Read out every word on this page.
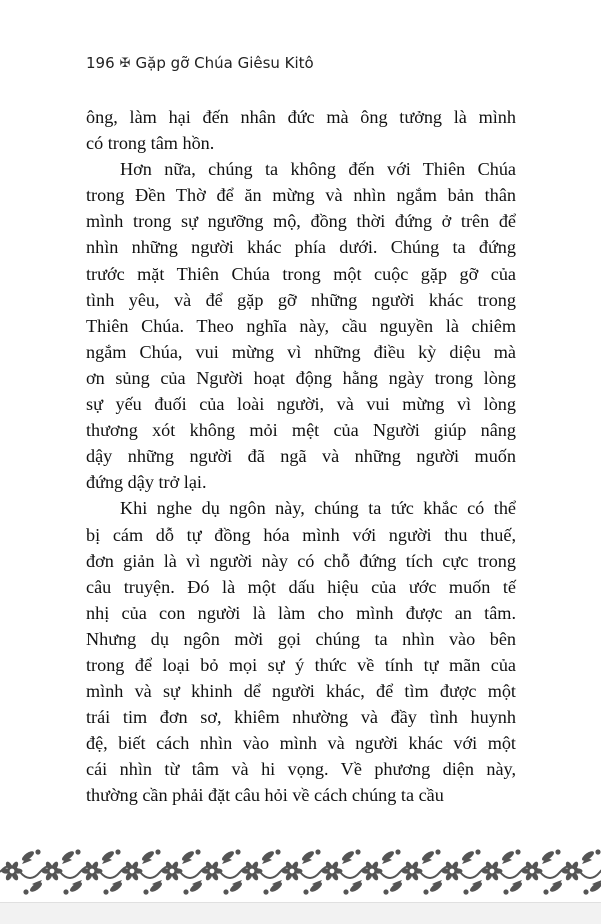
196 ✠ Gặp gỡ Chúa Giêsu Kitô
ông, làm hại đến nhân đức mà ông tưởng là mình
có trong tâm hồn.
Hơn nữa, chúng ta không đến với Thiên Chúa
trong Đền Thờ để ăn mừng và nhìn ngắm bản thân
mình trong sự ngưỡng mộ, đồng thời đứng ở trên để
nhìn những người khác phía dưới. Chúng ta đứng
trước mặt Thiên Chúa trong một cuộc gặp gỡ của
tình yêu, và để gặp gỡ những người khác trong
Thiên Chúa. Theo nghĩa này, cầu nguyền là chiêm
ngắm Chúa, vui mừng vì những điều kỳ diệu mà
ơn sủng của Người hoạt động hằng ngày trong lòng
sự yếu đuối của loài người, và vui mừng vì lòng
thương xót không mỏi mệt của Người giúp nâng
dậy những người đã ngã và những người muốn
đứng dậy trở lại.
Khi nghe dụ ngôn này, chúng ta tức khắc có thể
bị cám dỗ tự đồng hóa mình với người thu thuế,
đơn giản là vì người này có chỗ đứng tích cực trong
câu truyện. Đó là một dấu hiệu của ước muốn tế
nhị của con người là làm cho mình được an tâm.
Nhưng dụ ngôn mời gọi chúng ta nhìn vào bên
trong để loại bỏ mọi sự ý thức về tính tự mãn của
mình và sự khinh dể người khác, để tìm được một
trái tim đơn sơ, khiêm nhường và đầy tình huynh
đệ, biết cách nhìn vào mình và người khác với một
cái nhìn từ tâm và hi vọng. Về phương diện này,
thường cần phải đặt câu hỏi về cách chúng ta cầu
